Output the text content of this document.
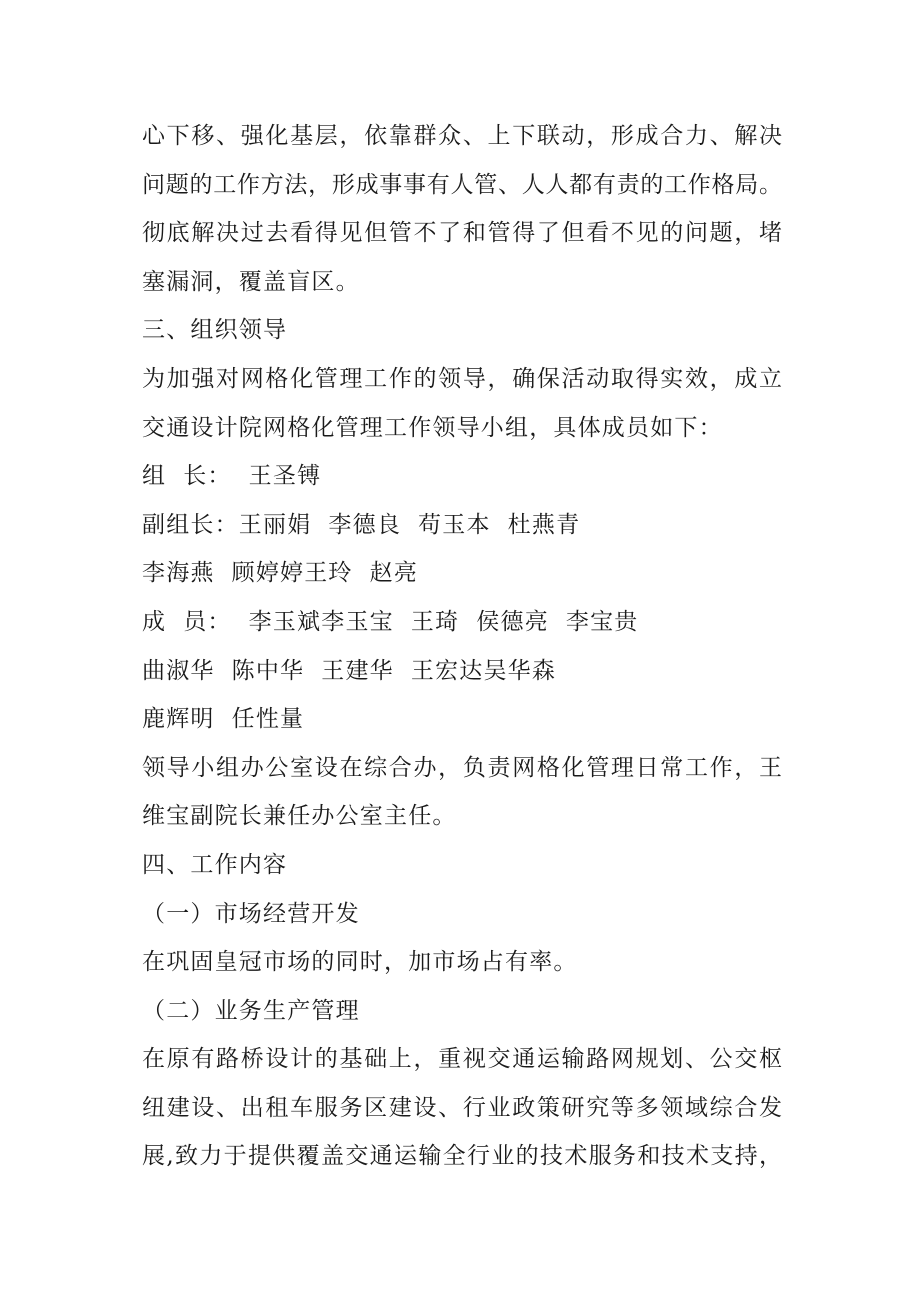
心下移、强化基层，依靠群众、上下联动，形成合力、解决
问题的工作方法，形成事事有人管、人人都有责的工作格局。
彻底解决过去看得见但管不了和管得了但看不见的问题，堵
塞漏洞，覆盖盲区。
三、组织领导
为加强对网格化管理工作的领导，确保活动取得实效，成立
交通设计院网格化管理工作领导小组，具体成员如下：
组  长：  王圣镈
副组长：王丽娟  李德良  苟玉本  杜燕青
李海燕  顾婷婷王玲  赵亮
成  员：  李玉斌李玉宝  王琦  侯德亮  李宝贵
曲淑华  陈中华  王建华  王宏达吴华森
鹿辉明  任性量
领导小组办公室设在综合办，负责网格化管理日常工作，王
维宝副院长兼任办公室主任。
四、工作内容
（一）市场经营开发
在巩固皇冠市场的同时，加市场占有率。
（二）业务生产管理
在原有路桥设计的基础上，重视交通运输路网规划、公交枢
纽建设、出租车服务区建设、行业政策研究等多领域综合发
展,致力于提供覆盖交通运输全行业的技术服务和技术支持，
